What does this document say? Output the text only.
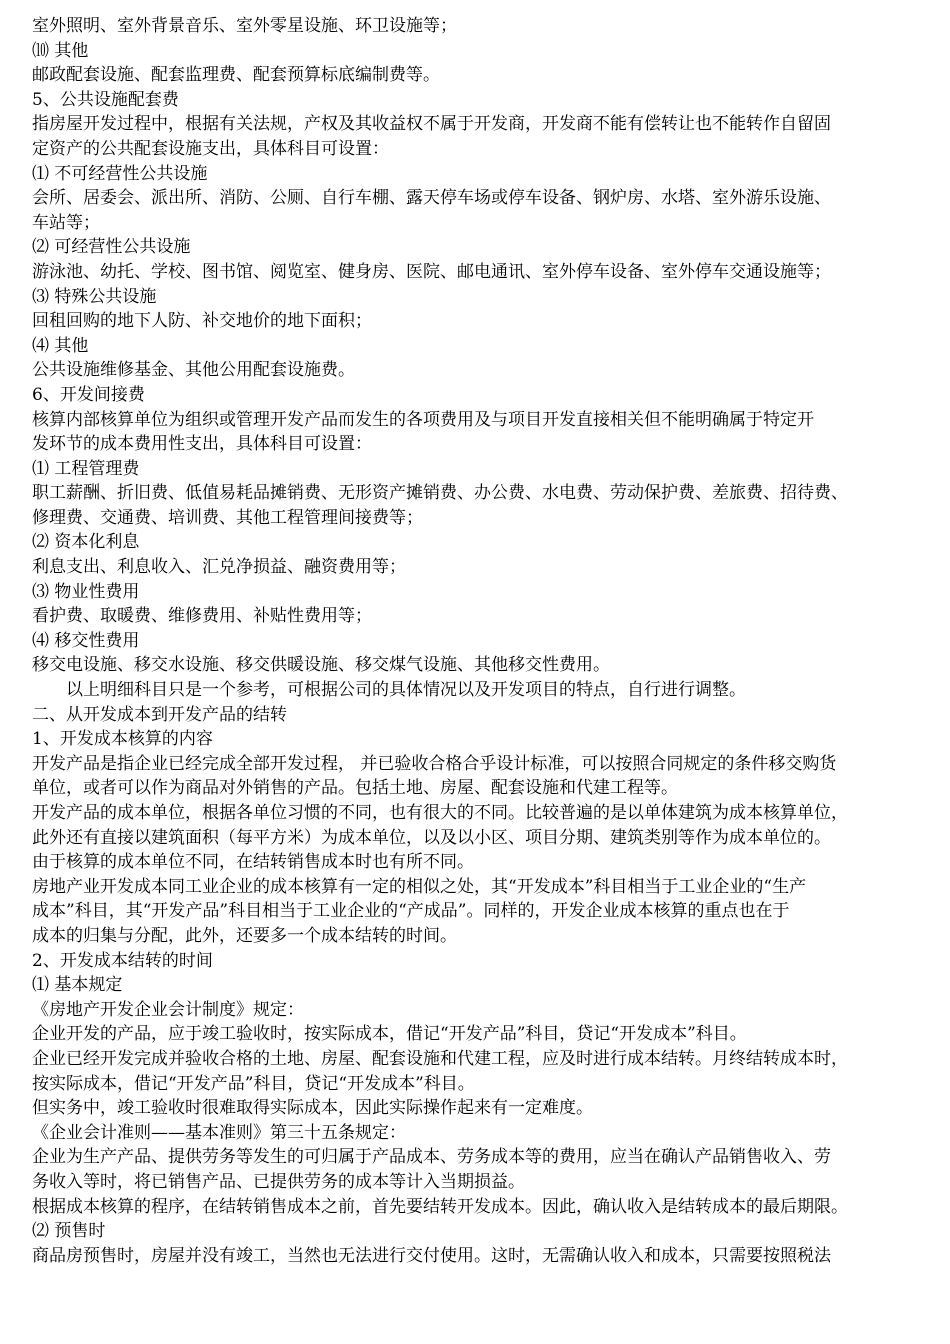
室外照明、室外背景音乐、室外零星设施、环卫设施等；

⑽ 其他

邮政配套设施、配套监理费、配套预算标底编制费等。

5、公共设施配套费

指房屋开发过程中，根据有关法规，产权及其收益权不属于开发商，开发商不能有偿转让也不能转作自留固

定资产的公共配套设施支出，具体科目可设置：

⑴ 不可经营性公共设施

会所、居委会、派出所、消防、公厕、自行车棚、露天停车场或停车设备、钢炉房、水塔、室外游乐设施、

车站等；

⑵ 可经营性公共设施

游泳池、幼托、学校、图书馆、阅览室、健身房、医院、邮电通讯、室外停车设备、室外停车交通设施等；

⑶ 特殊公共设施

回租回购的地下人防、补交地价的地下面积；

⑷ 其他

公共设施维修基金、其他公用配套设施费。

6、开发间接费

核算内部核算单位为组织或管理开发产品而发生的各项费用及与项目开发直接相关但不能明确属于特定开

发环节的成本费用性支出，具体科目可设置：

⑴ 工程管理费

职工薪酬、折旧费、低值易耗品摊销费、无形资产摊销费、办公费、水电费、劳动保护费、差旅费、招待费、

修理费、交通费、培训费、其他工程管理间接费等；

⑵ 资本化利息

利息支出、利息收入、汇兑净损益、融资费用等；

⑶ 物业性费用

看护费、取暖费、维修费用、补贴性费用等；

⑷ 移交性费用

移交电设施、移交水设施、移交供暖设施、移交煤气设施、其他移交性费用。

以上明细科目只是一个参考，可根据公司的具体情况以及开发项目的特点，自行进行调整。

二、从开发成本到开发产品的结转

1、开发成本核算的内容

开发产品是指企业已经完成全部开发过程， 并已验收合格合乎设计标准，可以按照合同规定的条件移交购货

单位，或者可以作为商品对外销售的产品。包括土地、房屋、配套设施和代建工程等。

开发产品的成本单位，根据各单位习惯的不同，也有很大的不同。比较普遍的是以单体建筑为成本核算单位，

此外还有直接以建筑面积（每平方米）为成本单位，以及以小区、项目分期、建筑类别等作为成本单位的。

由于核算的成本单位不同，在结转销售成本时也有所不同。

房地产业开发成本同工业企业的成本核算有一定的相似之处，其“开发成本”科目相当于工业企业的“生产

成本”科目，其“开发产品”科目相当于工业企业的“产成品”。同样的，开发企业成本核算的重点也在于

成本的归集与分配，此外，还要多一个成本结转的时间。

2、开发成本结转的时间

⑴ 基本规定

《房地产开发企业会计制度》规定：

企业开发的产品，应于竣工验收时，按实际成本，借记“开发产品”科目，贷记“开发成本”科目。

企业已经开发完成并验收合格的土地、房屋、配套设施和代建工程，应及时进行成本结转。月终结转成本时，

按实际成本，借记“开发产品”科目，贷记“开发成本”科目。

但实务中，竣工验收时很难取得实际成本，因此实际操作起来有一定难度。

《企业会计准则——基本准则》第三十五条规定：

企业为生产产品、提供劳务等发生的可归属于产品成本、劳务成本等的费用，应当在确认产品销售收入、劳

务收入等时，将已销售产品、已提供劳务的成本等计入当期损益。

根据成本核算的程序，在结转销售成本之前，首先要结转开发成本。因此，确认收入是结转成本的最后期限。

⑵ 预售时

商品房预售时，房屋并没有竣工，当然也无法进行交付使用。这时，无需确认收入和成本，只需要按照税法
